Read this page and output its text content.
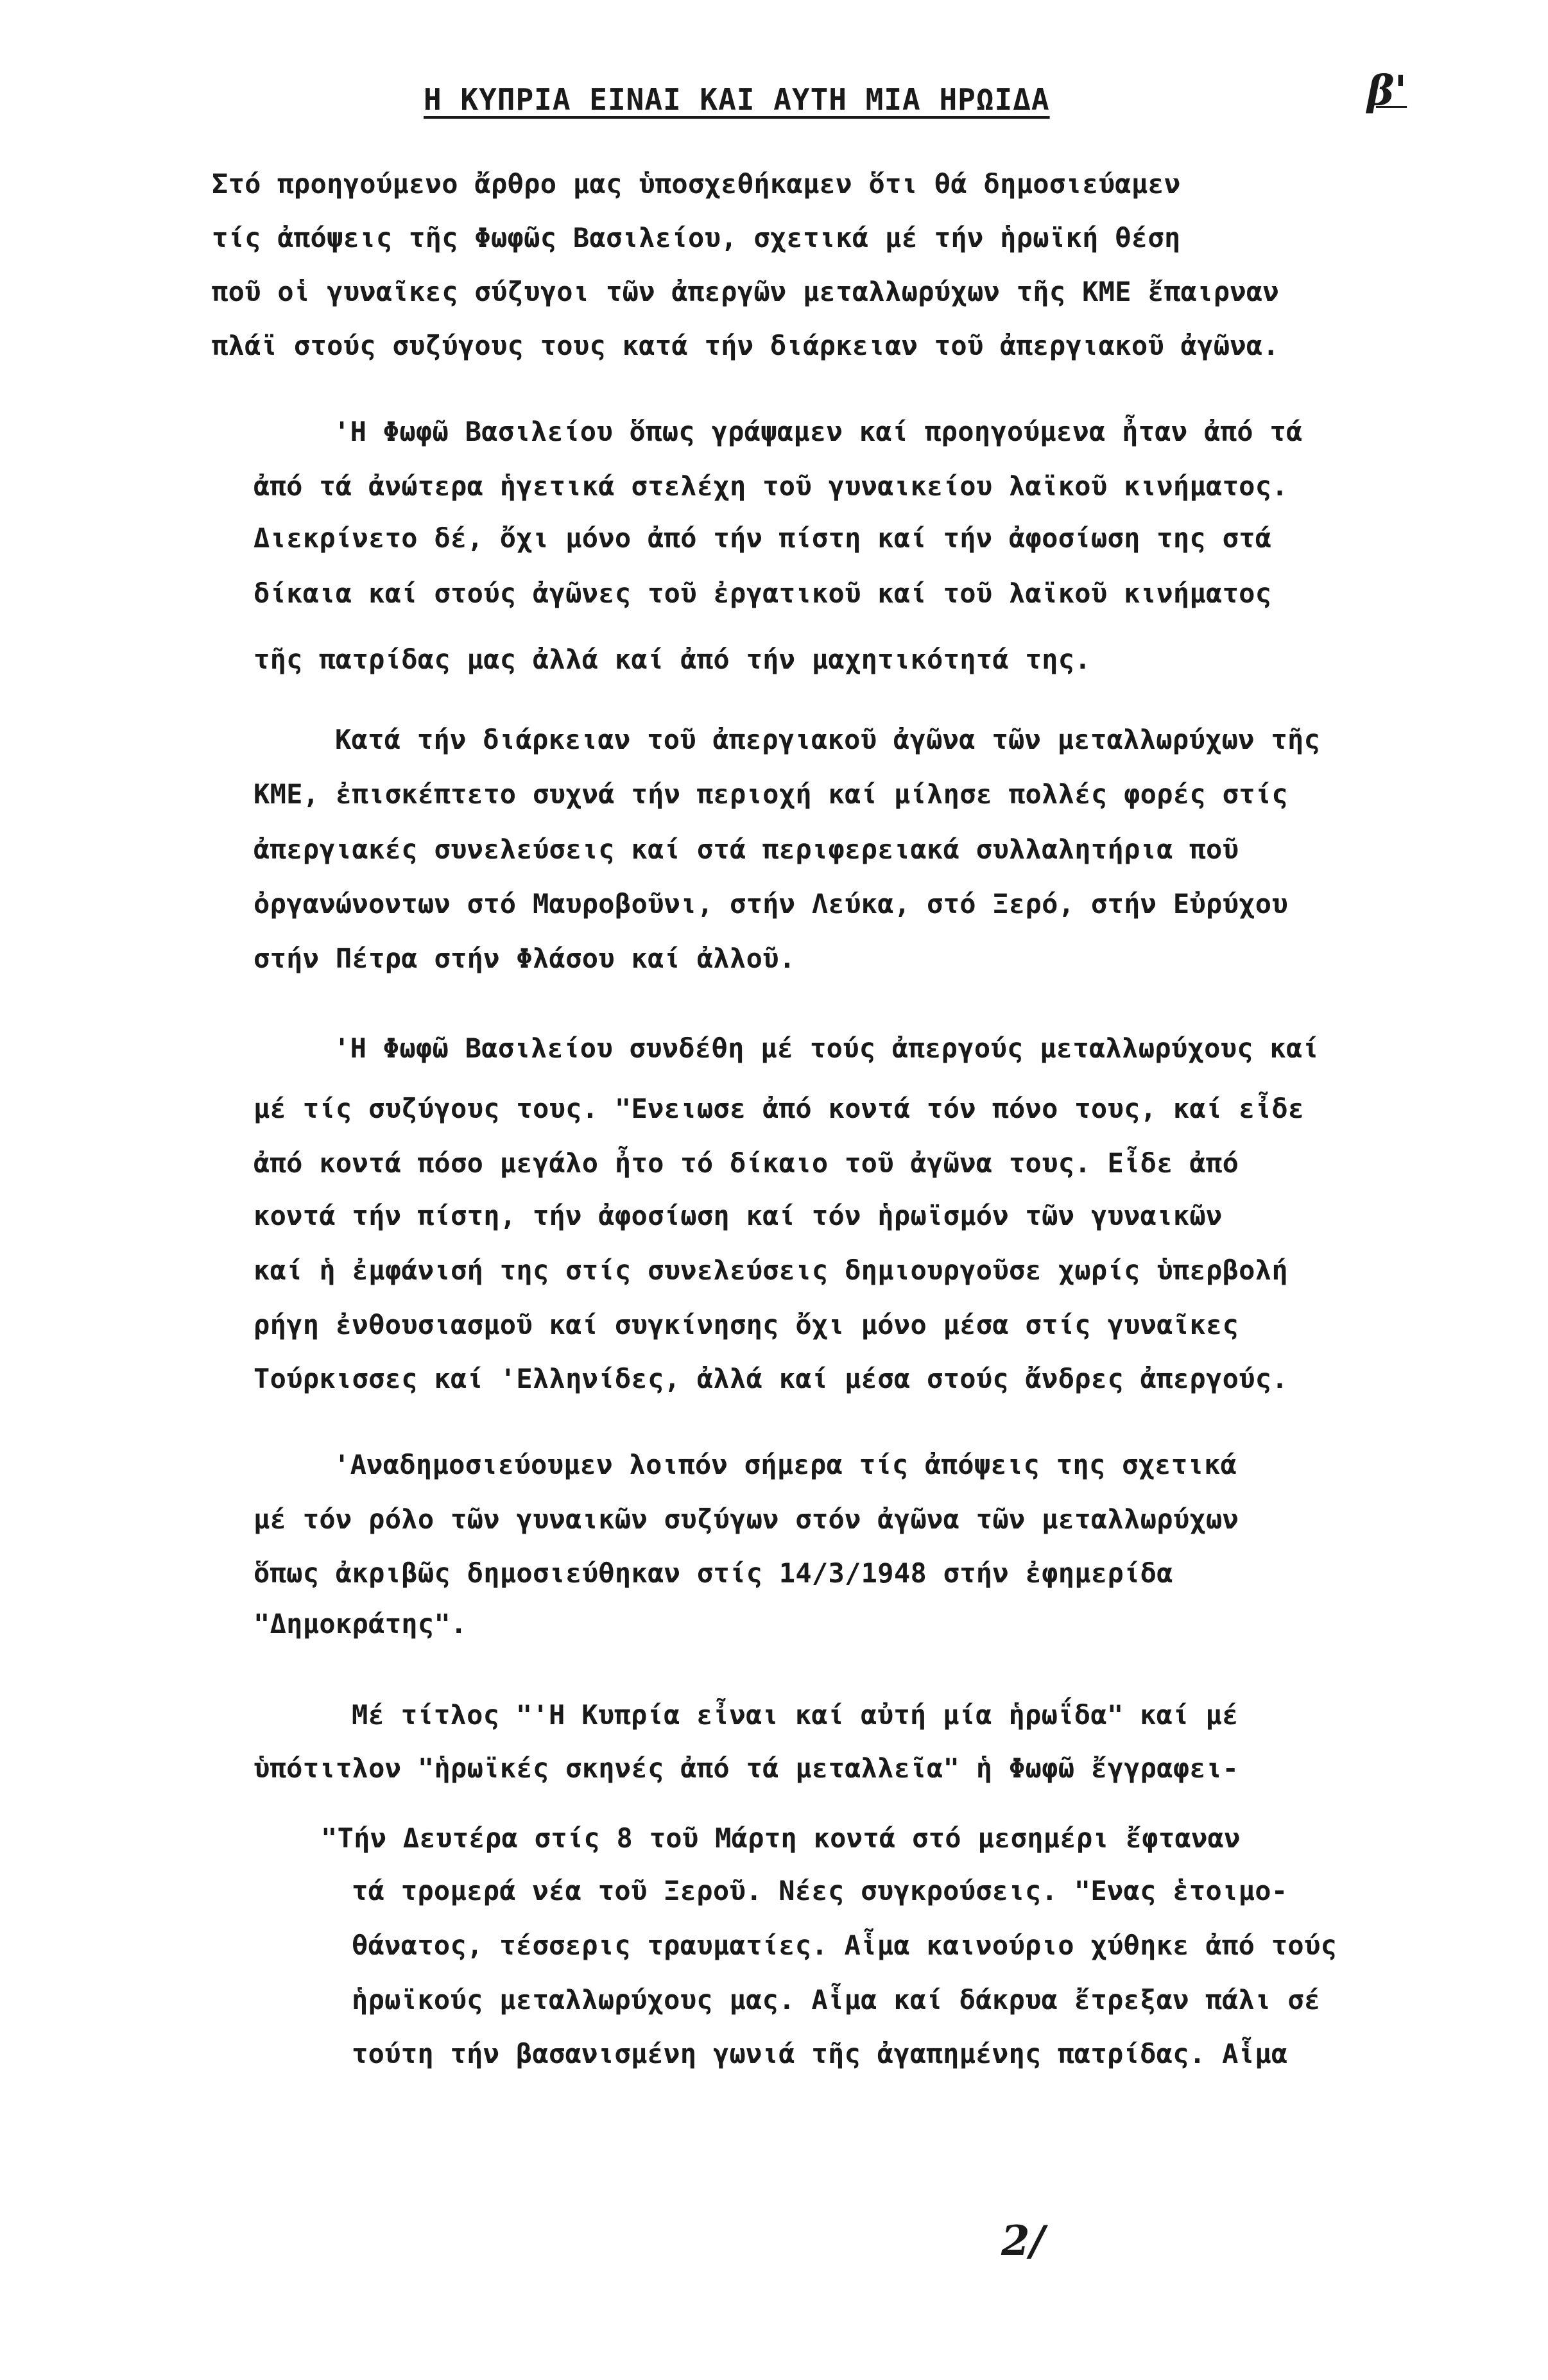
Η ΚΥΠΡΙΑ ΕΙΝΑΙ ΚΑΙ ΑΥΤΗ ΜΙΑ ΗΡΩΙΔΑ	β'
Στό προηγούμενο ἄρθρο μας ὑποσχεθήκαμεν ὅτι θά δημοσιεύαμεν
τίς ἀπόψεις τῆς Φωφῶς Βασιλείου, σχετικά μέ τήν ἡρωϊκή θέση
ποῦ οἱ γυναῖκες σύζυγοι τῶν ἀπεργῶν μεταλλωρύχων τῆς ΚΜΕ ἔπαιρναν
πλάϊ στούς συζύγους τους κατά τήν διάρκειαν τοῦ ἀπεργιακοῦ ἀγῶνα.
'Η Φωφῶ Βασιλείου ὅπως γράψαμεν καί προηγούμενα ἦταν ἀπό τά
ἀπό τά ἀνώτερα ἡγετικά στελέχη τοῦ γυναικείου λαϊκοῦ κινήματος.
Διεκρίνετο δέ, ὄχι μόνο ἀπό τήν πίστη καί τήν ἀφοσίωση της στά
δίκαια καί στούς ἀγῶνες τοῦ ἐργατικοῦ καί τοῦ λαϊκοῦ κινήματος
τῆς πατρίδας μας ἀλλά καί ἀπό τήν μαχητικότητά της.
Κατά τήν διάρκειαν τοῦ ἀπεργιακοῦ ἀγῶνα τῶν μεταλλωρύχων τῆς
ΚΜΕ, ἐπισκέπτετο συχνά τήν περιοχή καί μίλησε πολλές φορές στίς
ἀπεργιακές συνελεύσεις καί στά περιφερειακά συλλαλητήρια ποῦ
ὀργανώνοντων στό Μαυροβοῦνι, στήν Λεύκα, στό Ξερό, στήν Εὐρύχου
στήν Πέτρα στήν Φλάσου καί ἀλλοῦ.
'Η Φωφῶ Βασιλείου συνδέθη μέ τούς ἀπεργούς μεταλλωρύχους καί
μέ τίς συζύγους τους. "Ενειωσε ἀπό κοντά τόν πόνο τους, καί εἶδε
ἀπό κοντά πόσο μεγάλο ἦτο τό δίκαιο τοῦ ἀγῶνα τους. Εἶδε ἀπό
κοντά τήν πίστη, τήν ἀφοσίωση καί τόν ἡρωϊσμόν τῶν γυναικῶν
καί ἡ ἐμφάνισή της στίς συνελεύσεις δημιουργοῦσε χωρίς ὑπερβολή
ρήγη ἐνθουσιασμοῦ καί συγκίνησης ὄχι μόνο μέσα στίς γυναῖκες
Τούρκισσες καί 'Ελληνίδες, ἀλλά καί μέσα στούς ἄνδρες ἀπεργούς.
'Αναδημοσιεύουμεν λοιπόν σήμερα τίς ἀπόψεις της σχετικά
μέ τόν ρόλο τῶν γυναικῶν συζύγων στόν ἀγῶνα τῶν μεταλλωρύχων
ὅπως ἀκριβῶς δημοσιεύθηκαν στίς 14/3/1948 στήν ἐφημερίδα
"Δημοκράτης".
Μέ τίτλος "'Η Κυπρία εἶναι καί αὐτή μία ἡρωΐδα" καί μέ
ὑπότιτλον "ἡρωϊκές σκηνές ἀπό τά μεταλλεῖα" ἡ Φωφῶ ἔγγραφει-
"Τήν Δευτέρα στίς 8 τοῦ Μάρτη κοντά στό μεσημέρι ἔφταναν
τά τρομερά νέα τοῦ Ξεροῦ. Νέες συγκρούσεις. "Ενας ἑτοιμο-
θάνατος, τέσσερις τραυματίες. Αἷμα καινούριο χύθηκε ἀπό τούς
ἡρωϊκούς μεταλλωρύχους μας. Αἷμα καί δάκρυα ἔτρεξαν πάλι σέ
τούτη τήν βασανισμένη γωνιά τῆς ἀγαπημένης πατρίδας. Αἷμα
2/
